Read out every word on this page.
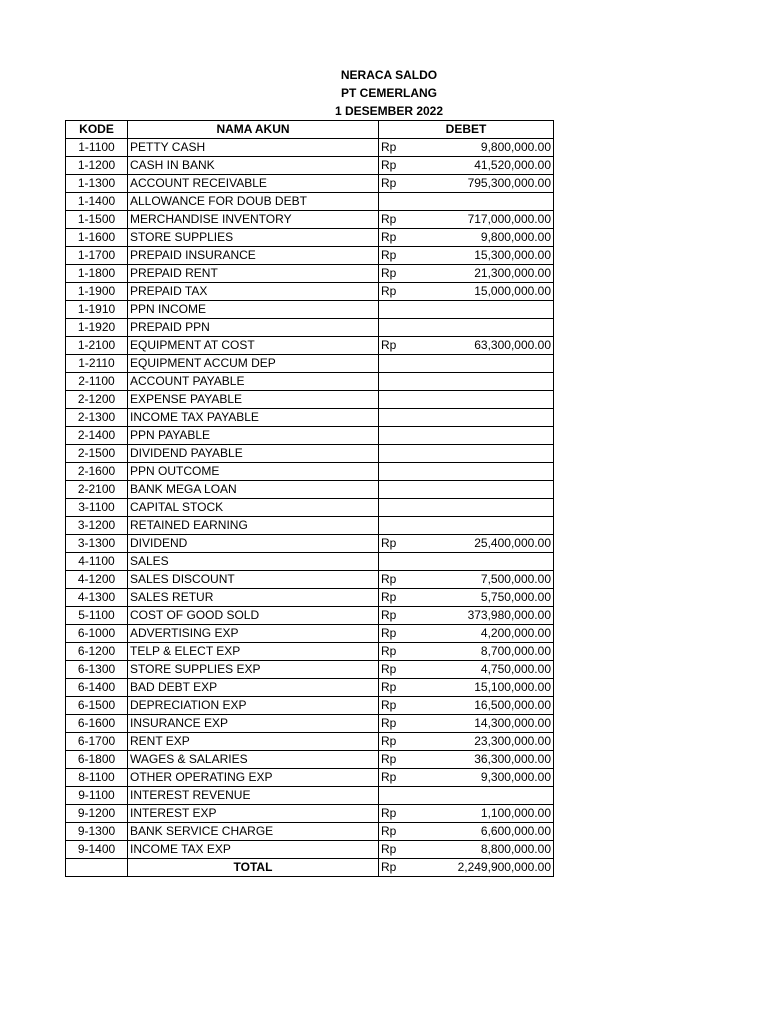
NERACA SALDO
PT CEMERLANG
1 DESEMBER 2022
KODE	NAMA AKUN	DEBET	
1-1100	PETTY CASH	Rp	9,800,000.00
1-1200	CASH IN BANK	Rp	41,520,000.00
1-1300	ACCOUNT RECEIVABLE	Rp	795,300,000.00
1-1400	ALLOWANCE FOR DOUB DEBT		
1-1500	MERCHANDISE INVENTORY	Rp	717,000,000.00
1-1600	STORE SUPPLIES	Rp	9,800,000.00
1-1700	PREPAID INSURANCE	Rp	15,300,000.00
1-1800	PREPAID RENT	Rp	21,300,000.00
1-1900	PREPAID TAX	Rp	15,000,000.00
1-1910	PPN INCOME		
1-1920	PREPAID PPN		
1-2100	EQUIPMENT AT COST	Rp	63,300,000.00
1-2110	EQUIPMENT ACCUM DEP		
2-1100	ACCOUNT PAYABLE		
2-1200	EXPENSE PAYABLE		
2-1300	INCOME TAX PAYABLE		
2-1400	PPN PAYABLE		
2-1500	DIVIDEND PAYABLE		
2-1600	PPN OUTCOME		
2-2100	BANK MEGA LOAN		
3-1100	CAPITAL STOCK		
3-1200	RETAINED EARNING		
3-1300	DIVIDEND	Rp	25,400,000.00
4-1100	SALES		
4-1200	SALES DISCOUNT	Rp	7,500,000.00
4-1300	SALES RETUR	Rp	5,750,000.00
5-1100	COST OF GOOD SOLD	Rp	373,980,000.00
6-1000	ADVERTISING EXP	Rp	4,200,000.00
6-1200	TELP & ELECT EXP	Rp	8,700,000.00
6-1300	STORE SUPPLIES EXP	Rp	4,750,000.00
6-1400	BAD DEBT EXP	Rp	15,100,000.00
6-1500	DEPRECIATION EXP	Rp	16,500,000.00
6-1600	INSURANCE EXP	Rp	14,300,000.00
6-1700	RENT EXP	Rp	23,300,000.00
6-1800	WAGES & SALARIES	Rp	36,300,000.00
8-1100	OTHER OPERATING EXP	Rp	9,300,000.00
9-1100	INTEREST REVENUE		
9-1200	INTEREST EXP	Rp	1,100,000.00
9-1300	BANK SERVICE CHARGE	Rp	6,600,000.00
9-1400	INCOME TAX EXP	Rp	8,800,000.00
	TOTAL	Rp	2,249,900,000.00
